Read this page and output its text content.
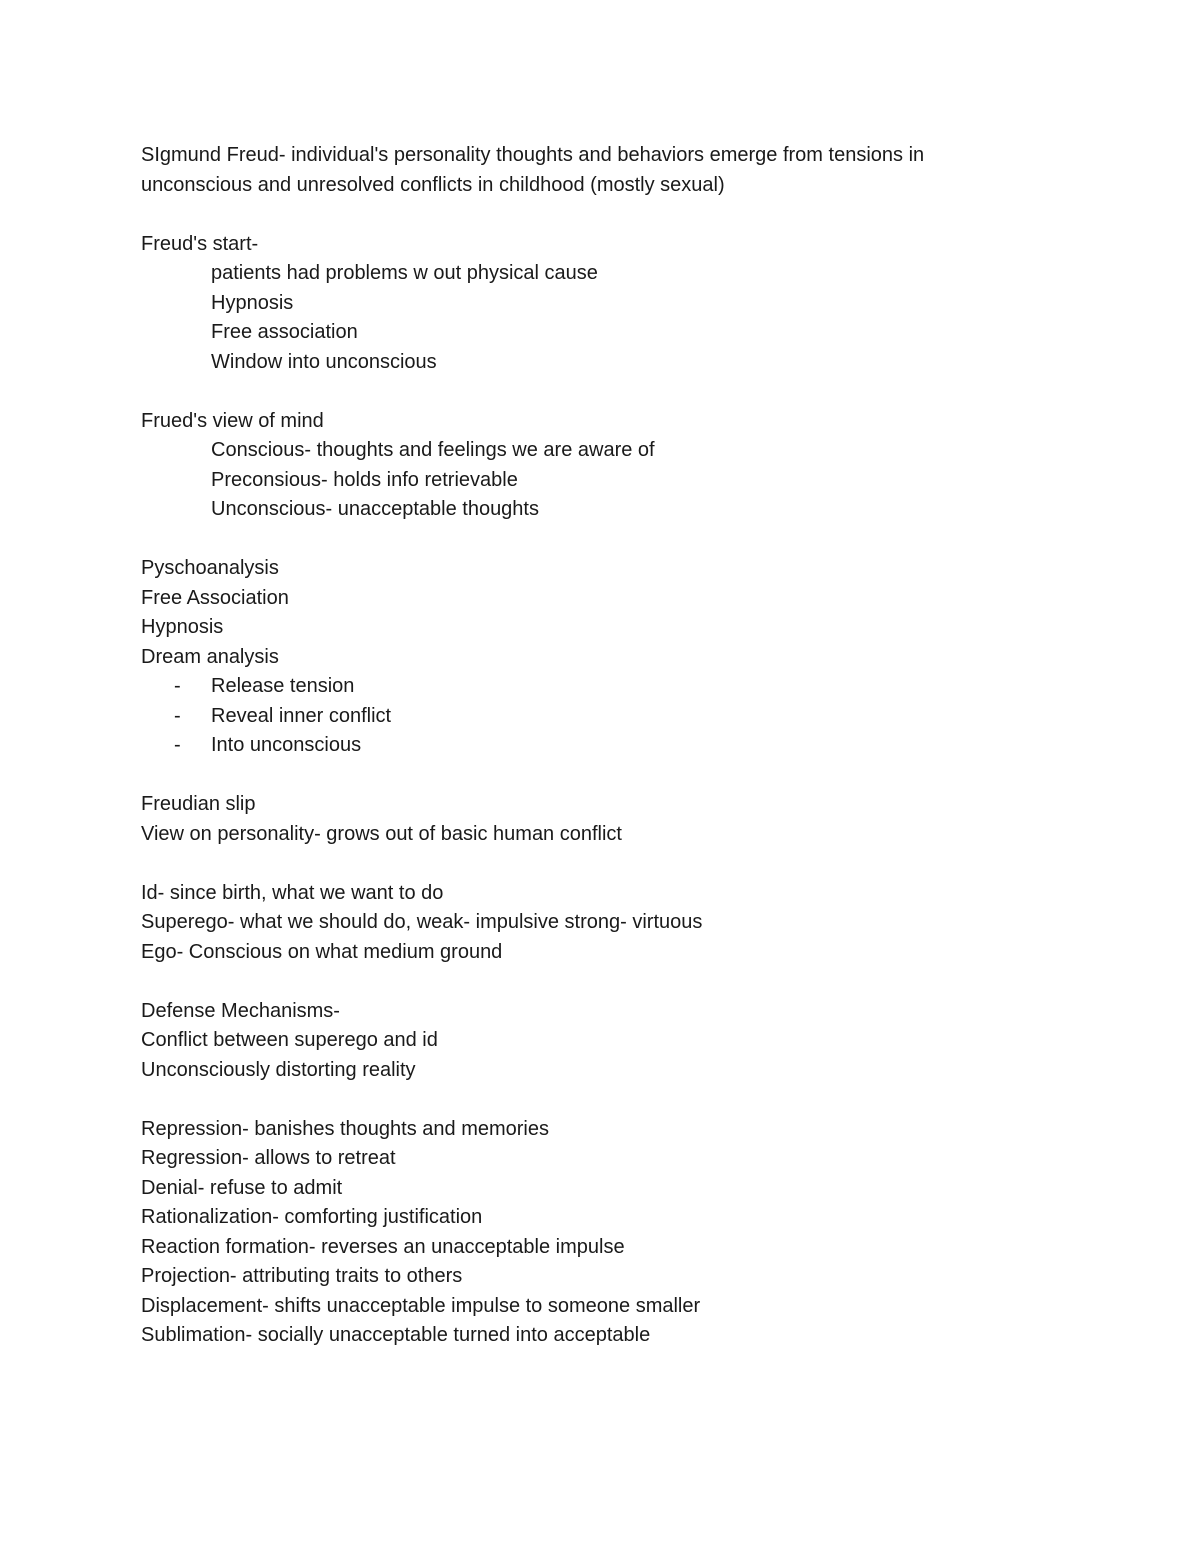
SIgmund Freud- individual's personality thoughts and behaviors emerge from tensions in unconscious and unresolved conflicts in childhood (mostly sexual)
Freud's start-
patients had problems w out physical cause
Hypnosis
Free association
Window into unconscious
Frued's view of mind
Conscious- thoughts and feelings we are aware of
Preconsious- holds info retrievable
Unconscious- unacceptable thoughts
Pyschoanalysis
Free Association
Hypnosis
Dream analysis
- Release tension
- Reveal inner conflict
- Into unconscious
Freudian slip
View on personality- grows out of basic human conflict
Id- since birth, what we want to do
Superego- what we should do, weak- impulsive strong- virtuous
Ego- Conscious on what medium ground
Defense Mechanisms-
Conflict between superego and id
Unconsciously distorting reality
Repression- banishes thoughts and memories
Regression- allows to retreat
Denial- refuse to admit
Rationalization- comforting justification
Reaction formation- reverses an unacceptable impulse
Projection- attributing traits to others
Displacement- shifts unacceptable impulse to someone smaller
Sublimation- socially unacceptable turned into acceptable
